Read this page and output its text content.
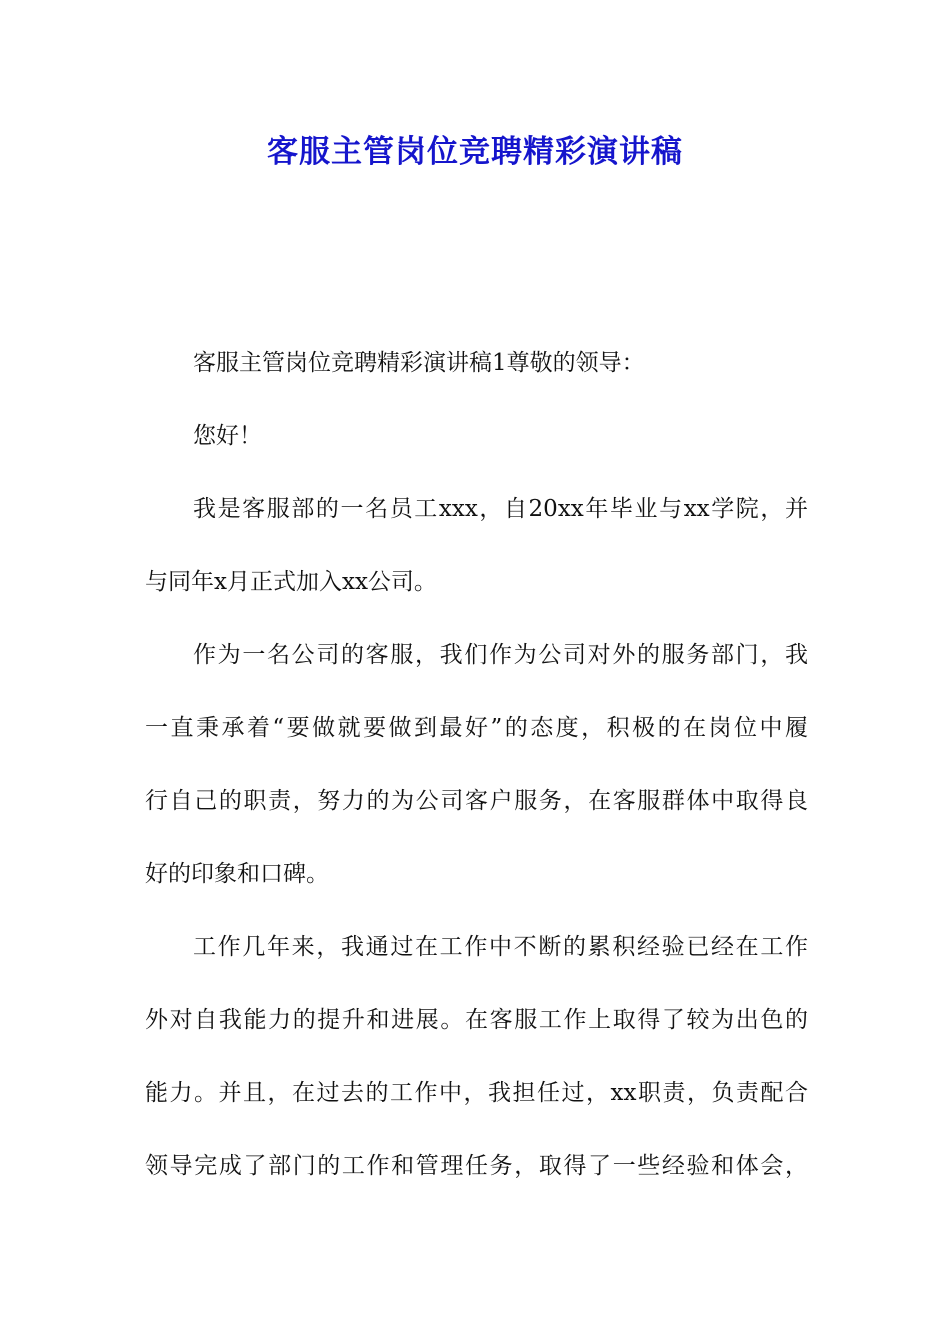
客服主管岗位竞聘精彩演讲稿
客服主管岗位竞聘精彩演讲稿1尊敬的领导：
您好！
我是客服部的一名员工xxx，自20xx年毕业与xx学院，并
与同年x月正式加入xx公司。
作为一名公司的客服，我们作为公司对外的服务部门，我
一直秉承着“要做就要做到最好”的态度，积极的在岗位中履
行自己的职责，努力的为公司客户服务，在客服群体中取得良
好的印象和口碑。
工作几年来，我通过在工作中不断的累积经验已经在工作
外对自我能力的提升和进展。在客服工作上取得了较为出色的
能力。并且，在过去的工作中，我担任过，xx职责，负责配合
领导完成了部门的工作和管理任务，取得了一些经验和体会，
